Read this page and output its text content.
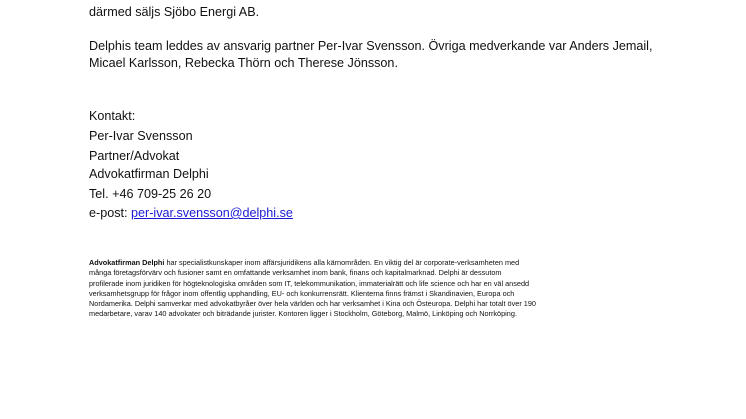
därmed säljs Sjöbo Energi AB.
Delphis team leddes av ansvarig partner Per-Ivar Svensson. Övriga medverkande var Anders Jemail,
Micael Karlsson, Rebecka Thörn och Therese Jönsson.
Kontakt:
Per-Ivar Svensson
Partner/Advokat
Advokatfirman Delphi
Tel. +46 709-25 26 20
e-post: per-ivar.svensson@delphi.se
Advokatfirman Delphi har specialistkunskaper inom affärsjuridikens alla kärnområden. En viktig del är corporate-verksamheten med
många företagsförvärv och fusioner samt en omfattande verksamhet inom bank, finans och kapitalmarknad. Delphi är dessutom
profilerade inom juridiken för högteknologiska områden som IT, telekommunikation, immaterialrätt och life science och har en väl ansedd
verksamhetsgrupp för frågor inom offentlig upphandling, EU- och konkurrensrätt. Klienterna finns främst i Skandinavien, Europa och
Nordamerika. Delphi samverkar med advokatbyråer över hela världen och har verksamhet i Kina och Östeuropa. Delphi har totalt över 190
medarbetare, varav 140 advokater och biträdande jurister. Kontoren ligger i Stockholm, Göteborg, Malmö, Linköping och Norrköping.
